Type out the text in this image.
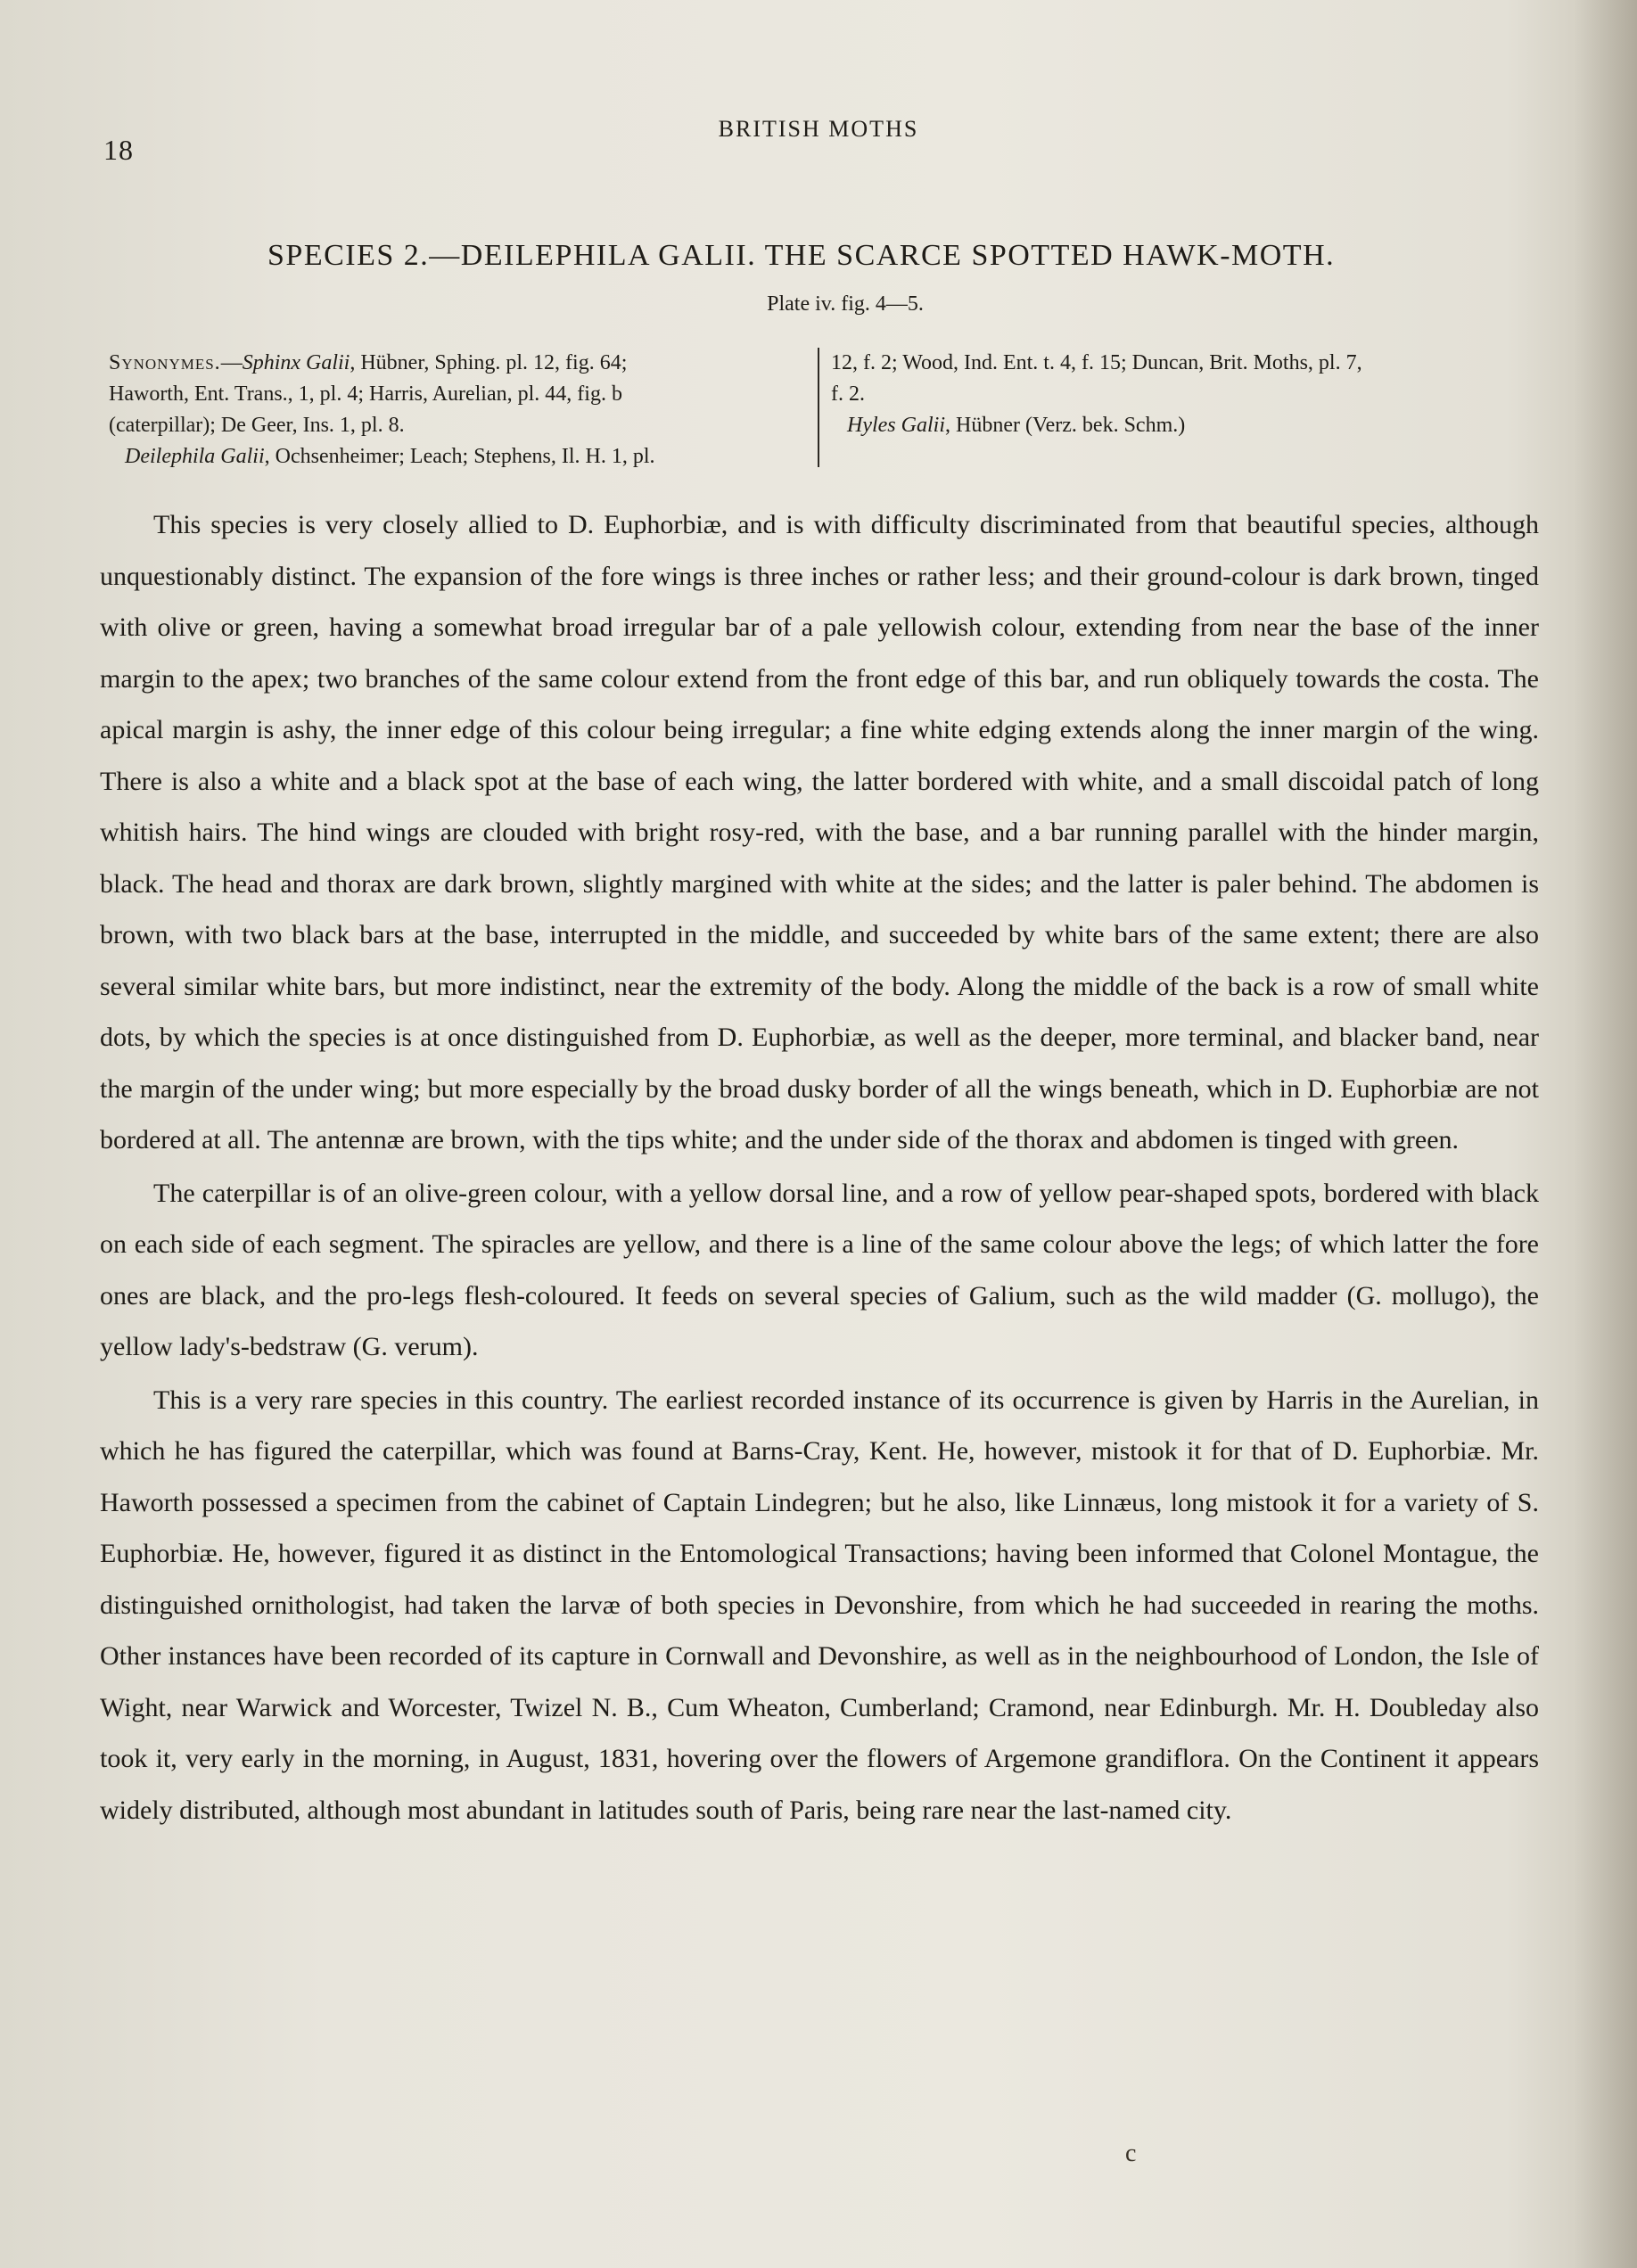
18
BRITISH MOTHS
SPECIES 2.—DEILEPHILA GALII. THE SCARCE SPOTTED HAWK-MOTH.
Plate iv. fig. 4—5.
Synonymes.—Sphinx Galii, Hübner, Sphing. pl. 12, fig. 64;
Haworth, Ent. Trans., 1, pl. 4; Harris, Aurelian, pl. 44, fig. b
(caterpillar); De Geer, Ins. 1, pl. 8.
Deilephila Galii, Ochsenheimer; Leach; Stephens, Il. H. 1, pl.
12, f. 2; Wood, Ind. Ent. t. 4, f. 15; Duncan, Brit. Moths, pl. 7,
f. 2.
Hyles Galii, Hübner (Verz. bek. Schm.)

This species is very closely allied to D. Euphorbiæ, and is with difficulty discriminated from that beautiful species, although unquestionably distinct. The expansion of the fore wings is three inches or rather less; and their ground-colour is dark brown, tinged with olive or green, having a somewhat broad irregular bar of a pale yellowish colour, extending from near the base of the inner margin to the apex; two branches of the same colour extend from the front edge of this bar, and run obliquely towards the costa. The apical margin is ashy, the inner edge of this colour being irregular; a fine white edging extends along the inner margin of the wing. There is also a white and a black spot at the base of each wing, the latter bordered with white, and a small discoidal patch of long whitish hairs. The hind wings are clouded with bright rosy-red, with the base, and a bar running parallel with the hinder margin, black. The head and thorax are dark brown, slightly margined with white at the sides; and the latter is paler behind. The abdomen is brown, with two black bars at the base, interrupted in the middle, and succeeded by white bars of the same extent; there are also several similar white bars, but more indistinct, near the extremity of the body. Along the middle of the back is a row of small white dots, by which the species is at once distinguished from D. Euphorbiæ, as well as the deeper, more terminal, and blacker band, near the margin of the under wing; but more especially by the broad dusky border of all the wings beneath, which in D. Euphorbiæ are not bordered at all. The antennæ are brown, with the tips white; and the under side of the thorax and abdomen is tinged with green.

The caterpillar is of an olive-green colour, with a yellow dorsal line, and a row of yellow pear-shaped spots, bordered with black on each side of each segment. The spiracles are yellow, and there is a line of the same colour above the legs; of which latter the fore ones are black, and the pro-legs flesh-coloured. It feeds on several species of Galium, such as the wild madder (G. mollugo), the yellow lady's-bedstraw (G. verum).

This is a very rare species in this country. The earliest recorded instance of its occurrence is given by Harris in the Aurelian, in which he has figured the caterpillar, which was found at Barns-Cray, Kent. He, however, mistook it for that of D. Euphorbiæ. Mr. Haworth possessed a specimen from the cabinet of Captain Lindegren; but he also, like Linnæus, long mistook it for a variety of S. Euphorbiæ. He, however, figured it as distinct in the Entomological Transactions; having been informed that Colonel Montague, the distinguished ornithologist, had taken the larvæ of both species in Devonshire, from which he had succeeded in rearing the moths. Other instances have been recorded of its capture in Cornwall and Devonshire, as well as in the neighbourhood of London, the Isle of Wight, near Warwick and Worcester, Twizel N. B., Cum Wheaton, Cumberland; Cramond, near Edinburgh. Mr. H. Doubleday also took it, very early in the morning, in August, 1831, hovering over the flowers of Argemone grandiflora. On the Continent it appears widely distributed, although most abundant in latitudes south of Paris, being rare near the last-named city.

c
